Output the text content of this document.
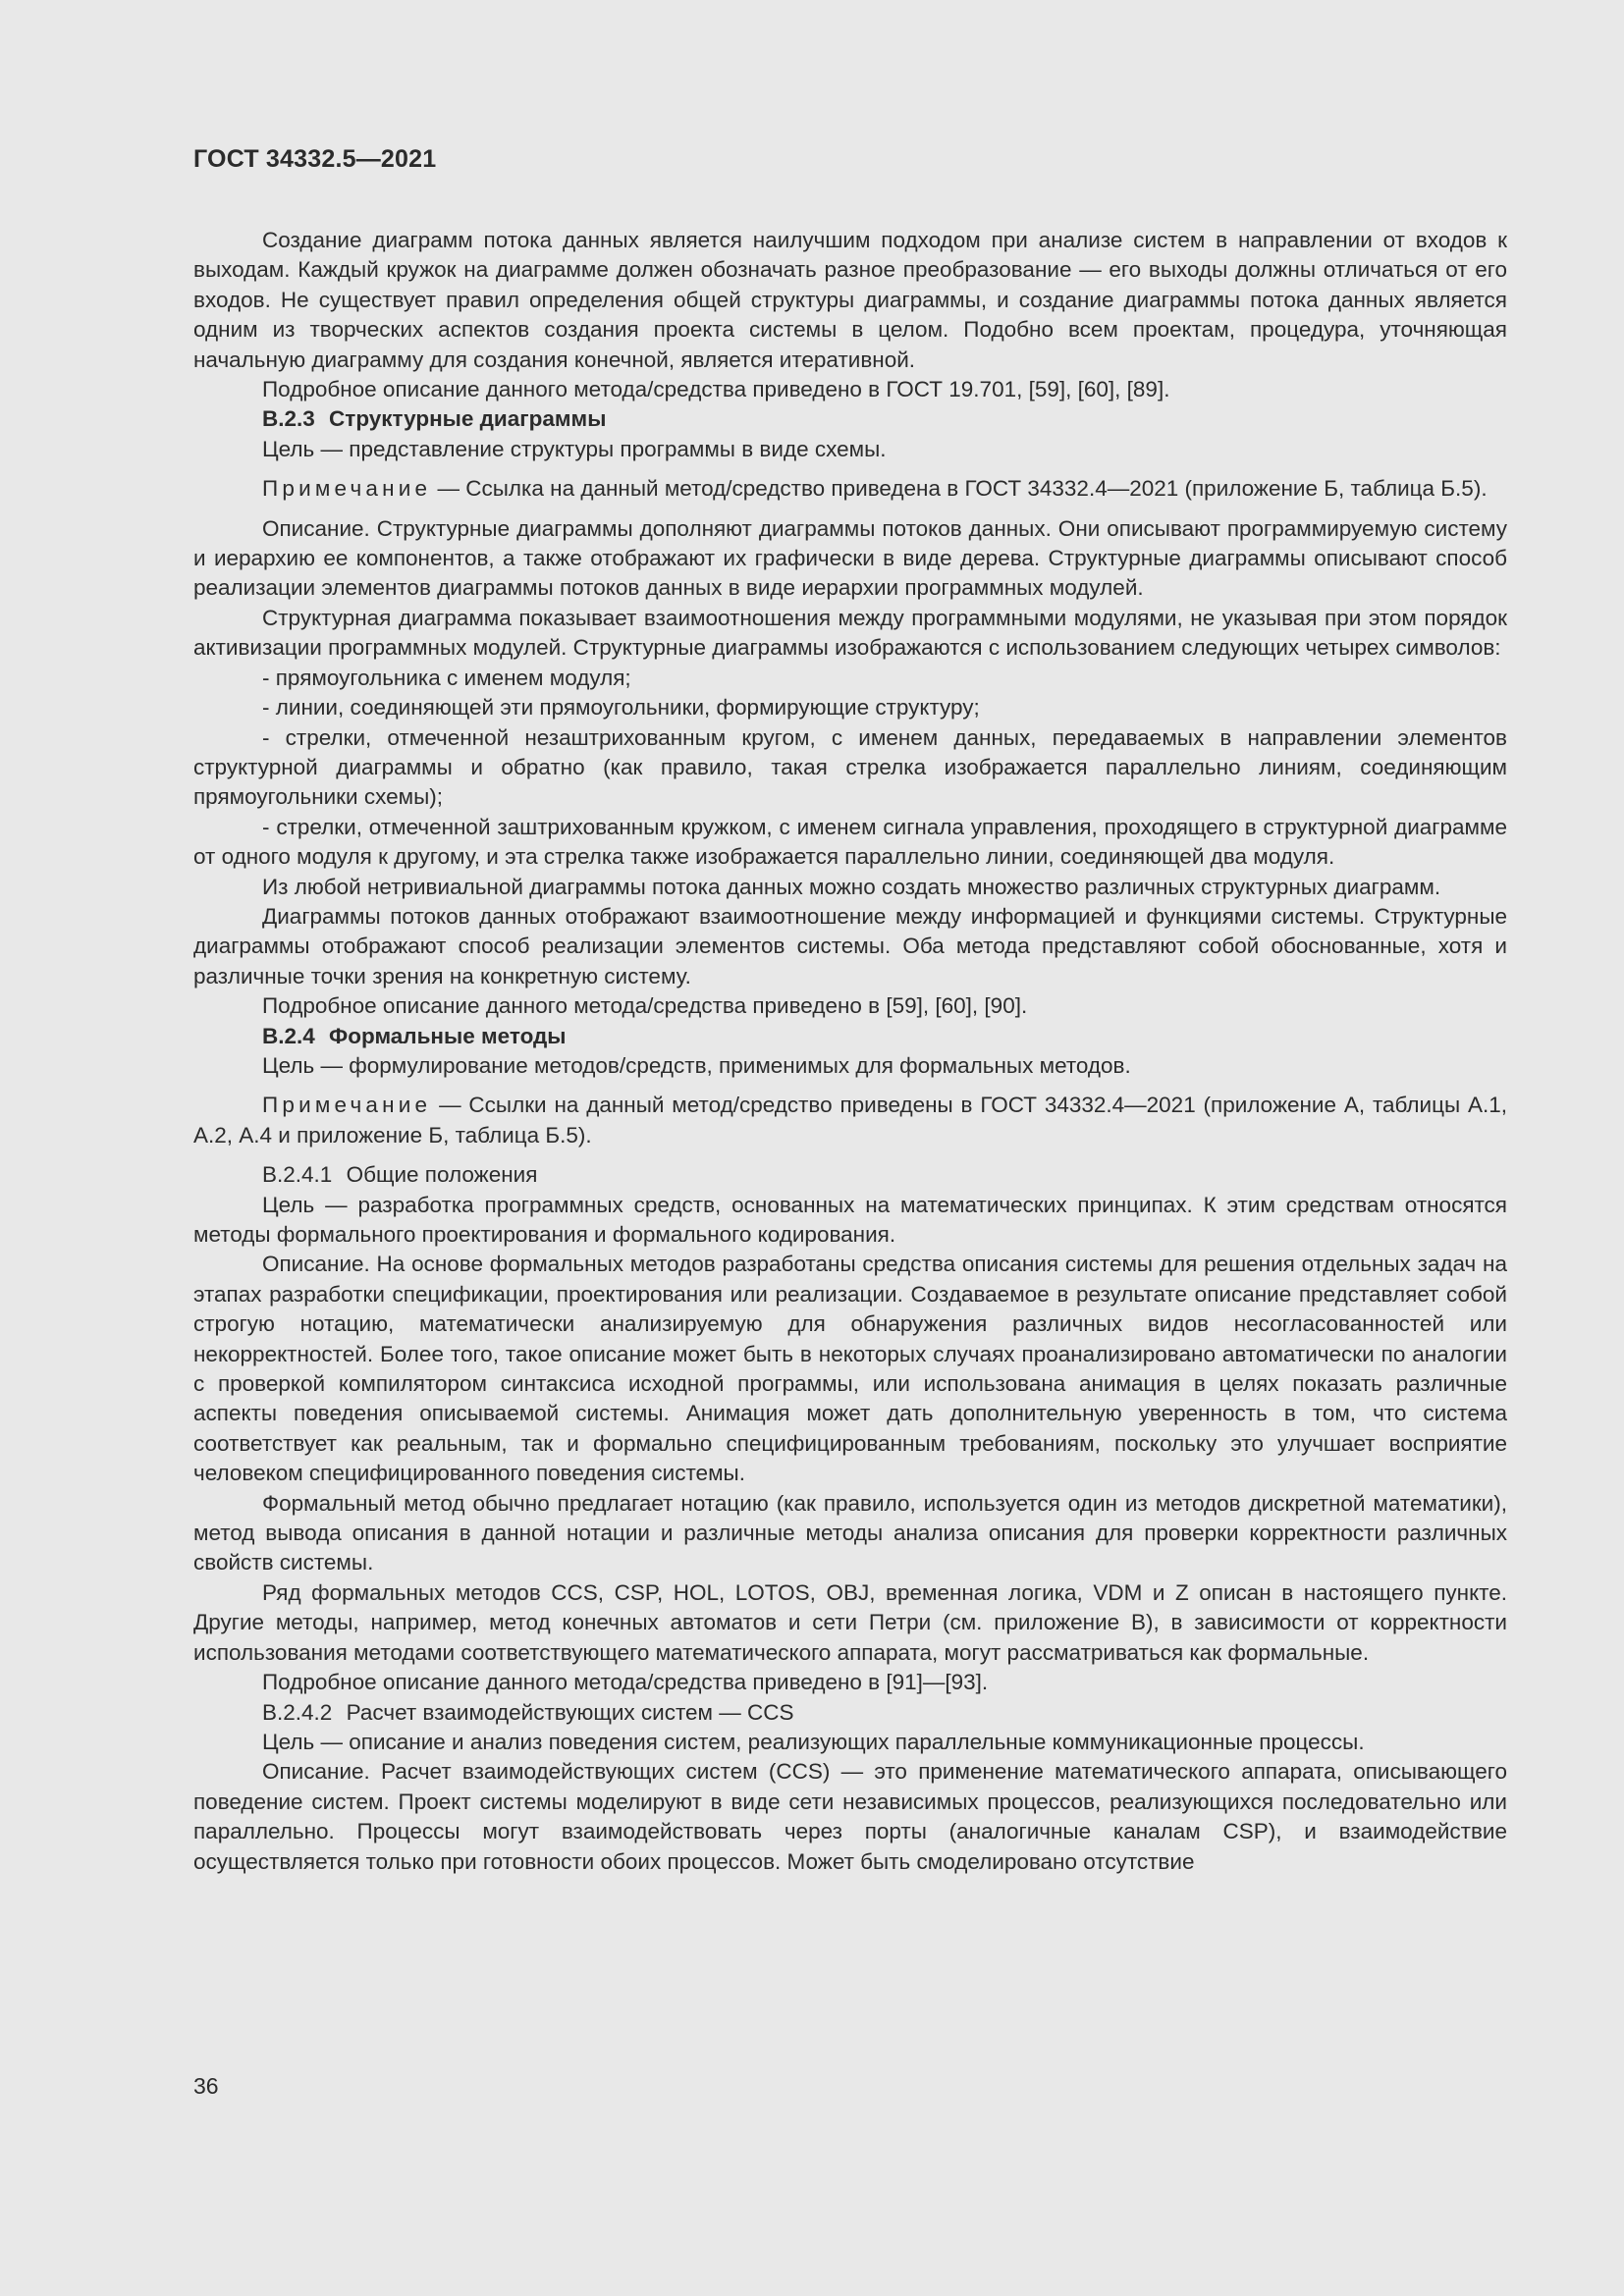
ГОСТ 34332.5—2021

Создание диаграмм потока данных является наилучшим подходом при анализе систем в направлении от входов к выходам. Каждый кружок на диаграмме должен обозначать разное преобразование — его выходы должны отличаться от его входов. Не существует правил определения общей структуры диаграммы, и создание диаграммы потока данных является одним из творческих аспектов создания проекта системы в целом. Подобно всем проектам, процедура, уточняющая начальную диаграмму для создания конечной, является итеративной.

Подробное описание данного метода/средства приведено в ГОСТ 19.701, [59], [60], [89].

В.2.3 Структурные диаграммы

Цель — представление структуры программы в виде схемы.

Примечание — Ссылка на данный метод/средство приведена в ГОСТ 34332.4—2021 (приложение Б, таблица Б.5).

Описание. Структурные диаграммы дополняют диаграммы потоков данных. Они описывают программируемую систему и иерархию ее компонентов, а также отображают их графически в виде дерева. Структурные диаграммы описывают способ реализации элементов диаграммы потоков данных в виде иерархии программных модулей.

Структурная диаграмма показывает взаимоотношения между программными модулями, не указывая при этом порядок активизации программных модулей. Структурные диаграммы изображаются с использованием следующих четырех символов:

- прямоугольника с именем модуля;

- линии, соединяющей эти прямоугольники, формирующие структуру;

- стрелки, отмеченной незаштрихованным кругом, с именем данных, передаваемых в направлении элементов структурной диаграммы и обратно (как правило, такая стрелка изображается параллельно линиям, соединяющим прямоугольники схемы);

- стрелки, отмеченной заштрихованным кружком, с именем сигнала управления, проходящего в структурной диаграмме от одного модуля к другому, и эта стрелка также изображается параллельно линии, соединяющей два модуля.

Из любой нетривиальной диаграммы потока данных можно создать множество различных структурных диаграмм.

Диаграммы потоков данных отображают взаимоотношение между информацией и функциями системы. Структурные диаграммы отображают способ реализации элементов системы. Оба метода представляют собой обоснованные, хотя и различные точки зрения на конкретную систему.

Подробное описание данного метода/средства приведено в [59], [60], [90].

В.2.4 Формальные методы

Цель — формулирование методов/средств, применимых для формальных методов.

Примечание — Ссылки на данный метод/средство приведены в ГОСТ 34332.4—2021 (приложение А, таблицы А.1, А.2, А.4 и приложение Б, таблица Б.5).

В.2.4.1 Общие положения

Цель — разработка программных средств, основанных на математических принципах. К этим средствам относятся методы формального проектирования и формального кодирования.

Описание. На основе формальных методов разработаны средства описания системы для решения отдельных задач на этапах разработки спецификации, проектирования или реализации. Создаваемое в результате описание представляет собой строгую нотацию, математически анализируемую для обнаружения различных видов несогласованностей или некорректностей. Более того, такое описание может быть в некоторых случаях проанализировано автоматически по аналогии с проверкой компилятором синтаксиса исходной программы, или использована анимация в целях показать различные аспекты поведения описываемой системы. Анимация может дать дополнительную уверенность в том, что система соответствует как реальным, так и формально специфицированным требованиям, поскольку это улучшает восприятие человеком специфицированного поведения системы.

Формальный метод обычно предлагает нотацию (как правило, используется один из методов дискретной математики), метод вывода описания в данной нотации и различные методы анализа описания для проверки корректности различных свойств системы.

Ряд формальных методов CCS, CSP, HOL, LOTOS, OBJ, временная логика, VDM и Z описан в настоящего пункте. Другие методы, например, метод конечных автоматов и сети Петри (см. приложение В), в зависимости от корректности использования методами соответствующего математического аппарата, могут рассматриваться как формальные.

Подробное описание данного метода/средства приведено в [91]—[93].

В.2.4.2 Расчет взаимодействующих систем — CCS

Цель — описание и анализ поведения систем, реализующих параллельные коммуникационные процессы.

Описание. Расчет взаимодействующих систем (CCS) — это применение математического аппарата, описывающего поведение систем. Проект системы моделируют в виде сети независимых процессов, реализующихся последовательно или параллельно. Процессы могут взаимодействовать через порты (аналогичные каналам CSP), и взаимодействие осуществляется только при готовности обоих процессов. Может быть смоделировано отсутствие

36
